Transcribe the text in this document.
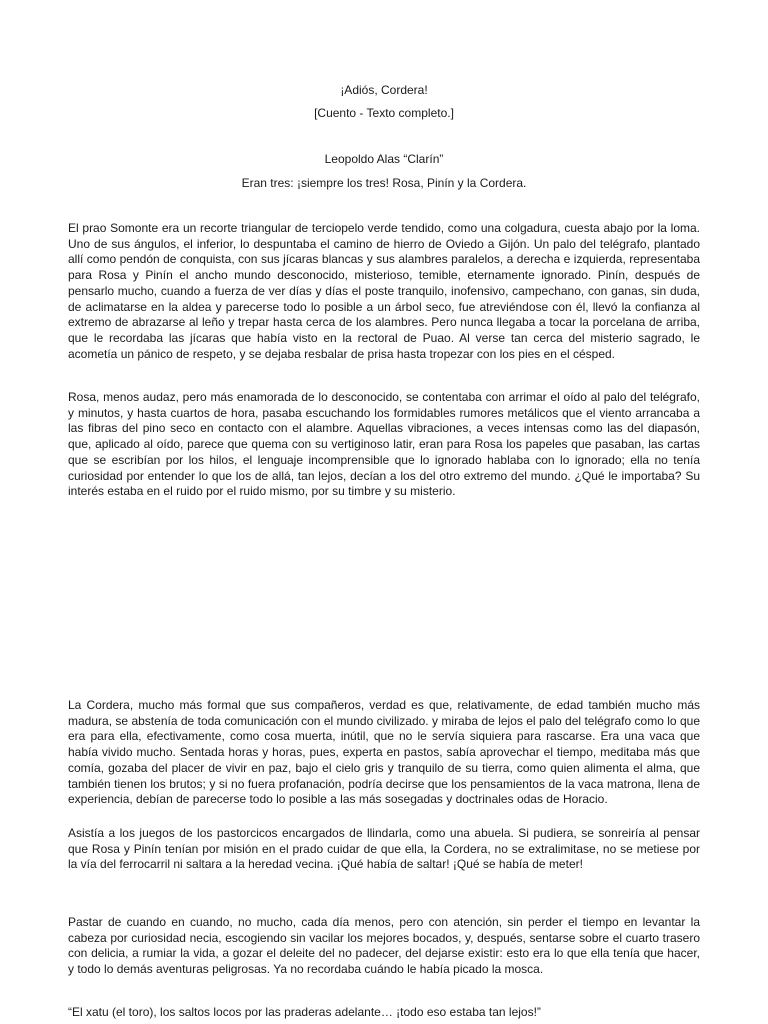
¡Adiós, Cordera!
[Cuento - Texto completo.]
Leopoldo Alas “Clarín”
Eran tres: ¡siempre los tres! Rosa, Pinín y la Cordera.

El prao Somonte era un recorte triangular de terciopelo verde tendido, como una colgadura, cuesta abajo por la loma. Uno de sus ángulos, el inferior, lo despuntaba el camino de hierro de Oviedo a Gijón. Un palo del telégrafo, plantado allí como pendón de conquista, con sus jícaras blancas y sus alambres paralelos, a derecha e izquierda, representaba para Rosa y Pinín el ancho mundo desconocido, misterioso, temible, eternamente ignorado. Pinín, después de pensarlo mucho, cuando a fuerza de ver días y días el poste tranquilo, inofensivo, campechano, con ganas, sin duda, de aclimatarse en la aldea y parecerse todo lo posible a un árbol seco, fue atreviéndose con él, llevó la confianza al extremo de abrazarse al leño y trepar hasta cerca de los alambres. Pero nunca llegaba a tocar la porcelana de arriba, que le recordaba las jícaras que había visto en la rectoral de Puao. Al verse tan cerca del misterio sagrado, le acometía un pánico de respeto, y se dejaba resbalar de prisa hasta tropezar con los pies en el césped.

Rosa, menos audaz, pero más enamorada de lo desconocido, se contentaba con arrimar el oído al palo del telégrafo, y minutos, y hasta cuartos de hora, pasaba escuchando los formidables rumores metálicos que el viento arrancaba a las fibras del pino seco en contacto con el alambre. Aquellas vibraciones, a veces intensas como las del diapasón, que, aplicado al oído, parece que quema con su vertiginoso latir, eran para Rosa los papeles que pasaban, las cartas que se escribían por los hilos, el lenguaje incomprensible que lo ignorado hablaba con lo ignorado; ella no tenía curiosidad por entender lo que los de allá, tan lejos, decían a los del otro extremo del mundo. ¿Qué le importaba? Su interés estaba en el ruido por el ruido mismo, por su timbre y su misterio.

La Cordera, mucho más formal que sus compañeros, verdad es que, relativamente, de edad también mucho más madura, se abstenía de toda comunicación con el mundo civilizado. y miraba de lejos el palo del telégrafo como lo que era para ella, efectivamente, como cosa muerta, inútil, que no le servía siquiera para rascarse. Era una vaca que había vivido mucho. Sentada horas y horas, pues, experta en pastos, sabía aprovechar el tiempo, meditaba más que comía, gozaba del placer de vivir en paz, bajo el cielo gris y tranquilo de su tierra, como quien alimenta el alma, que también tienen los brutos; y si no fuera profanación, podría decirse que los pensamientos de la vaca matrona, llena de experiencia, debían de parecerse todo lo posible a las más sosegadas y doctrinales odas de Horacio.

Asistía a los juegos de los pastorcicos encargados de llindarla, como una abuela. Si pudiera, se sonreiría al pensar que Rosa y Pinín tenían por misión en el prado cuidar de que ella, la Cordera, no se extralimitase, no se metiese por la vía del ferrocarril ni saltara a la heredad vecina. ¡Qué había de saltar! ¡Qué se había de meter!

Pastar de cuando en cuando, no mucho, cada día menos, pero con atención, sin perder el tiempo en levantar la cabeza por curiosidad necia, escogiendo sin vacilar los mejores bocados, y, después, sentarse sobre el cuarto trasero con delicia, a rumiar la vida, a gozar el deleite del no padecer, del dejarse existir: esto era lo que ella tenía que hacer, y todo lo demás aventuras peligrosas. Ya no recordaba cuándo le había picado la mosca.

“El xatu (el toro), los saltos locos por las praderas adelante… ¡todo eso estaba tan lejos!”
